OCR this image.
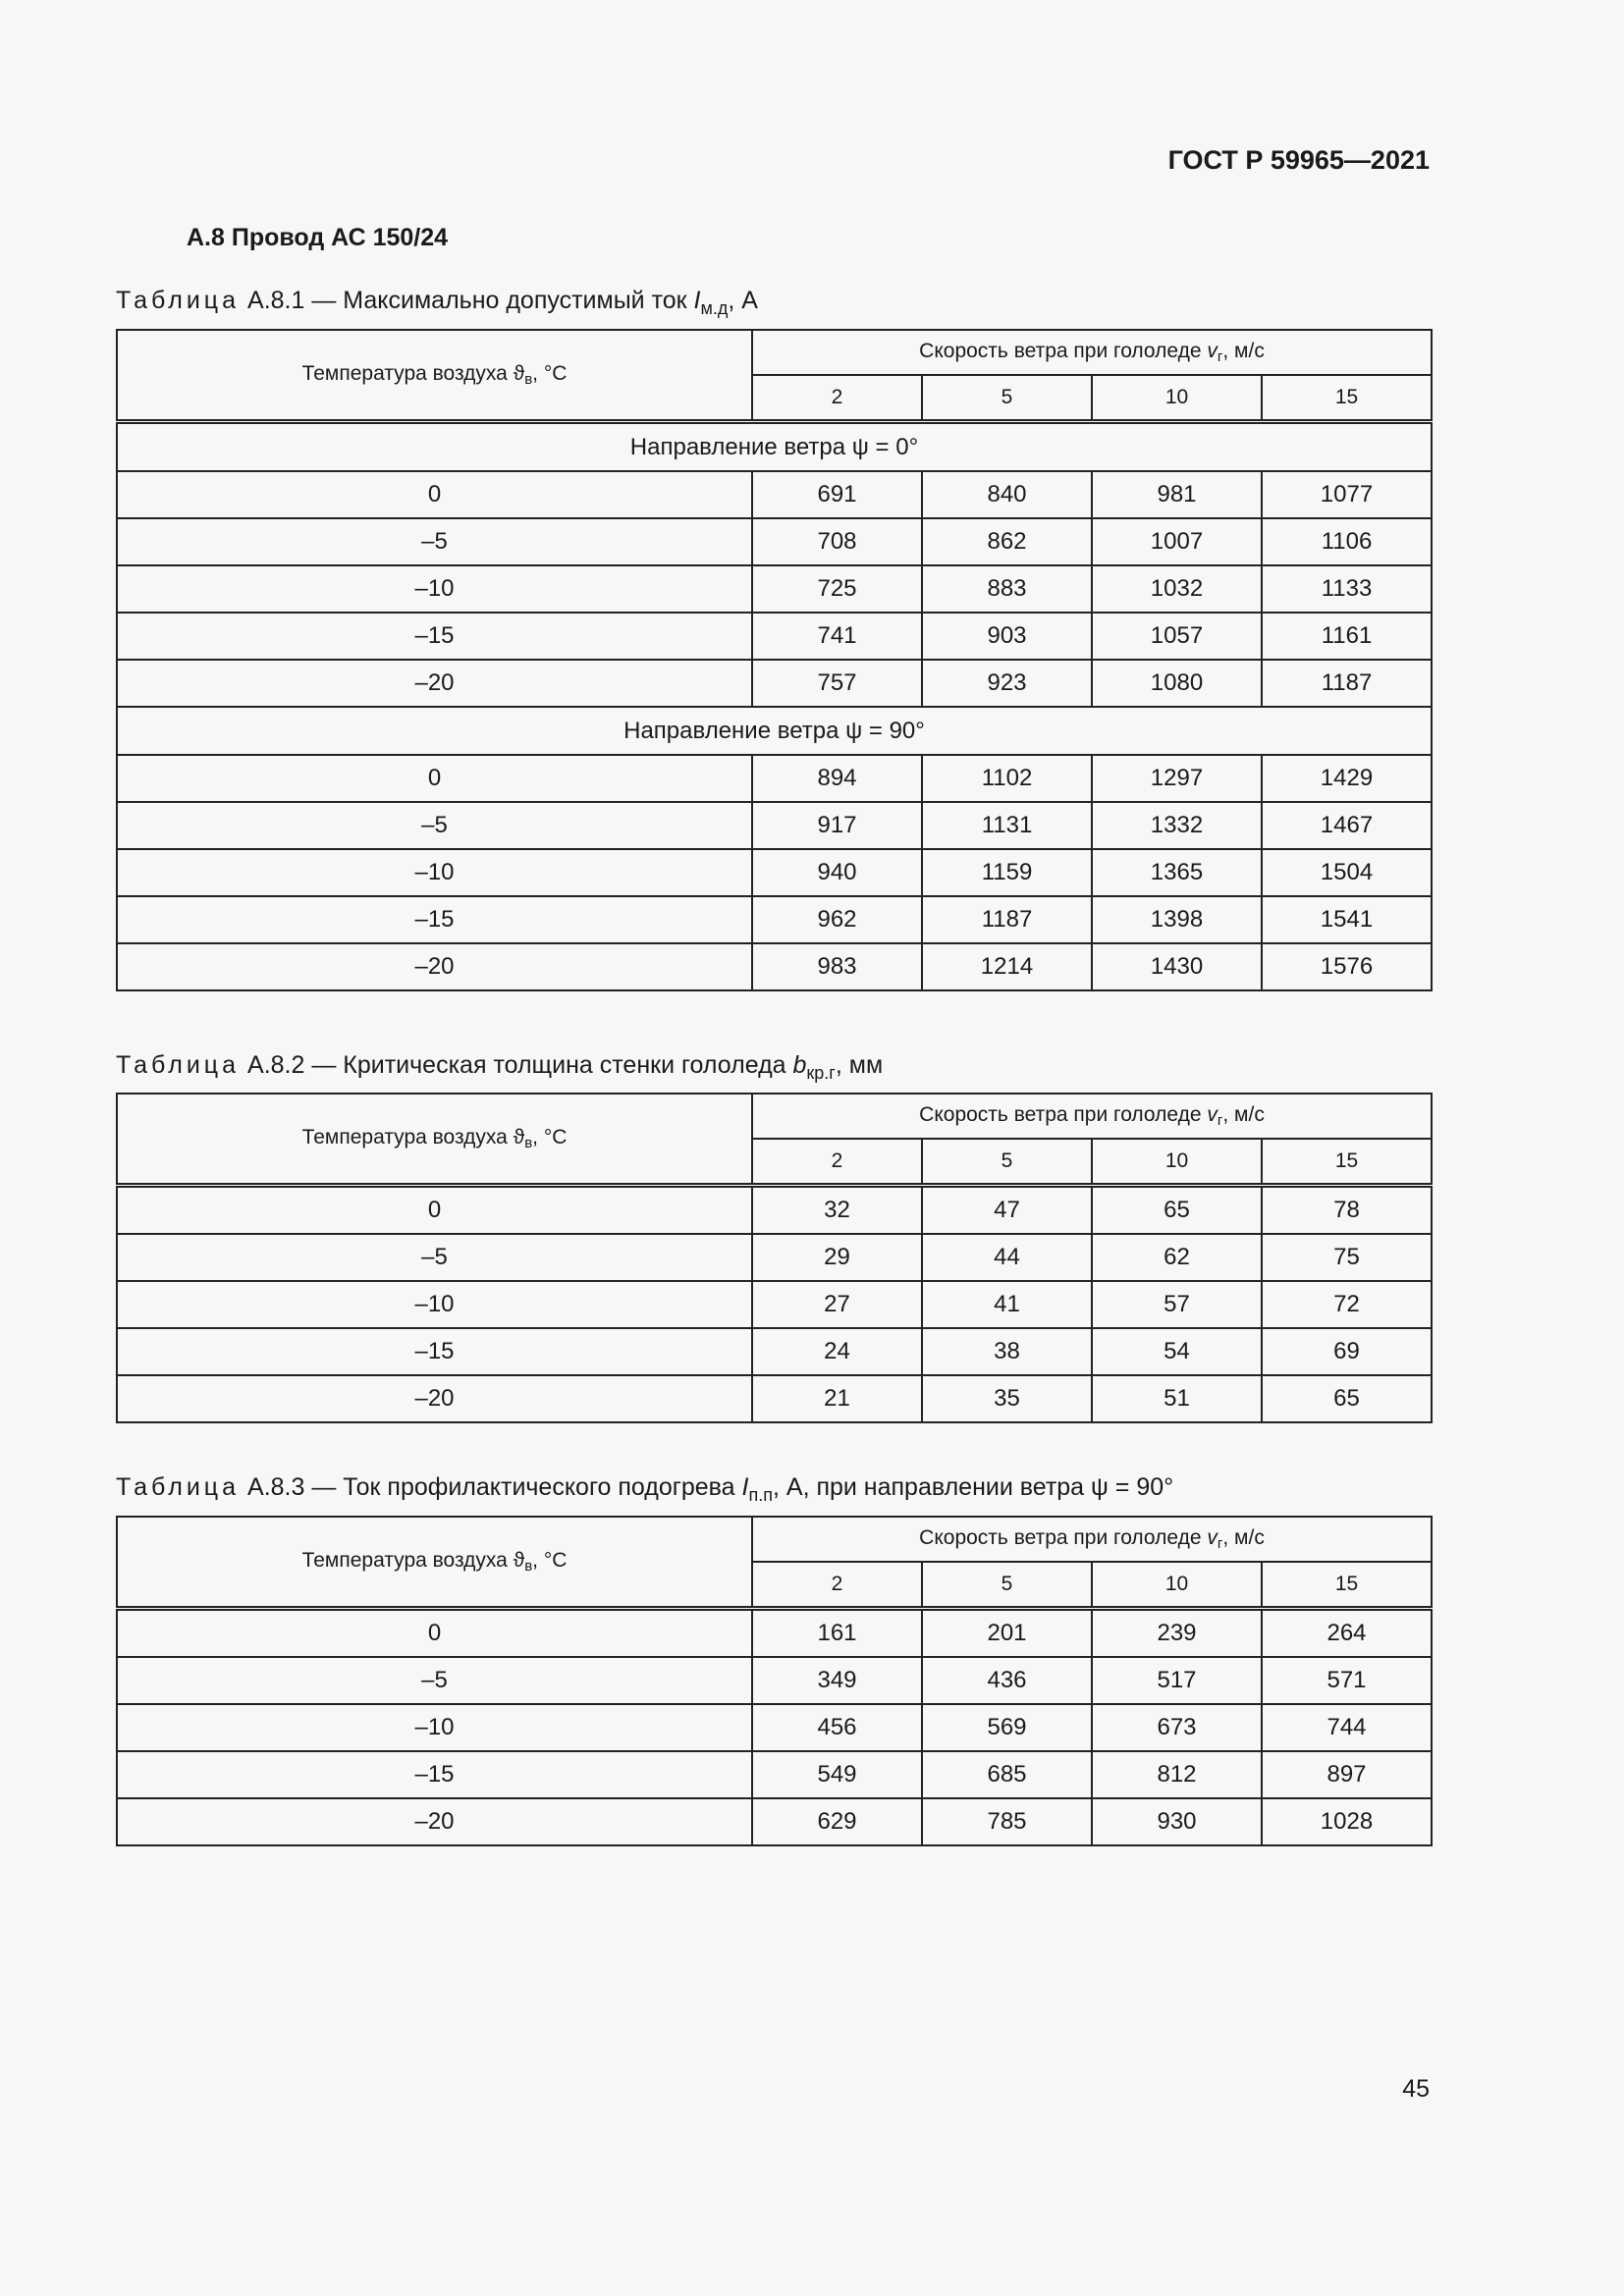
ГОСТ Р 59965—2021
А.8 Провод АС 150/24
Таблица А.8.1 — Максимально допустимый ток $I_{м.д}$, А
Температура воздуха $ϑ_в$, °С	Скорость ветра при гололеде $v_г$, м/с			
	2	5	10	15
Направление ветра ψ = 0°				
0	691	840	981	1077
–5	708	862	1007	1106
–10	725	883	1032	1133
–15	741	903	1057	1161
–20	757	923	1080	1187
Направление ветра ψ = 90°				
0	894	1102	1297	1429
–5	917	1131	1332	1467
–10	940	1159	1365	1504
–15	962	1187	1398	1541
–20	983	1214	1430	1576
Таблица А.8.2 — Критическая толщина стенки гололеда $b_{кр.г}$, мм
Температура воздуха $ϑ_в$, °С	Скорость ветра при гололеде $v_г$, м/с			
	2	5	10	15
0	32	47	65	78
–5	29	44	62	75
–10	27	41	57	72
–15	24	38	54	69
–20	21	35	51	65
Таблица А.8.3 — Ток профилактического подогрева $I_{п.п}$, А, при направлении ветра ψ = 90°
Температура воздуха $ϑ_в$, °С	Скорость ветра при гололеде $v_г$, м/с			
	2	5	10	15
0	161	201	239	264
–5	349	436	517	571
–10	456	569	673	744
–15	549	685	812	897
–20	629	785	930	1028
45
